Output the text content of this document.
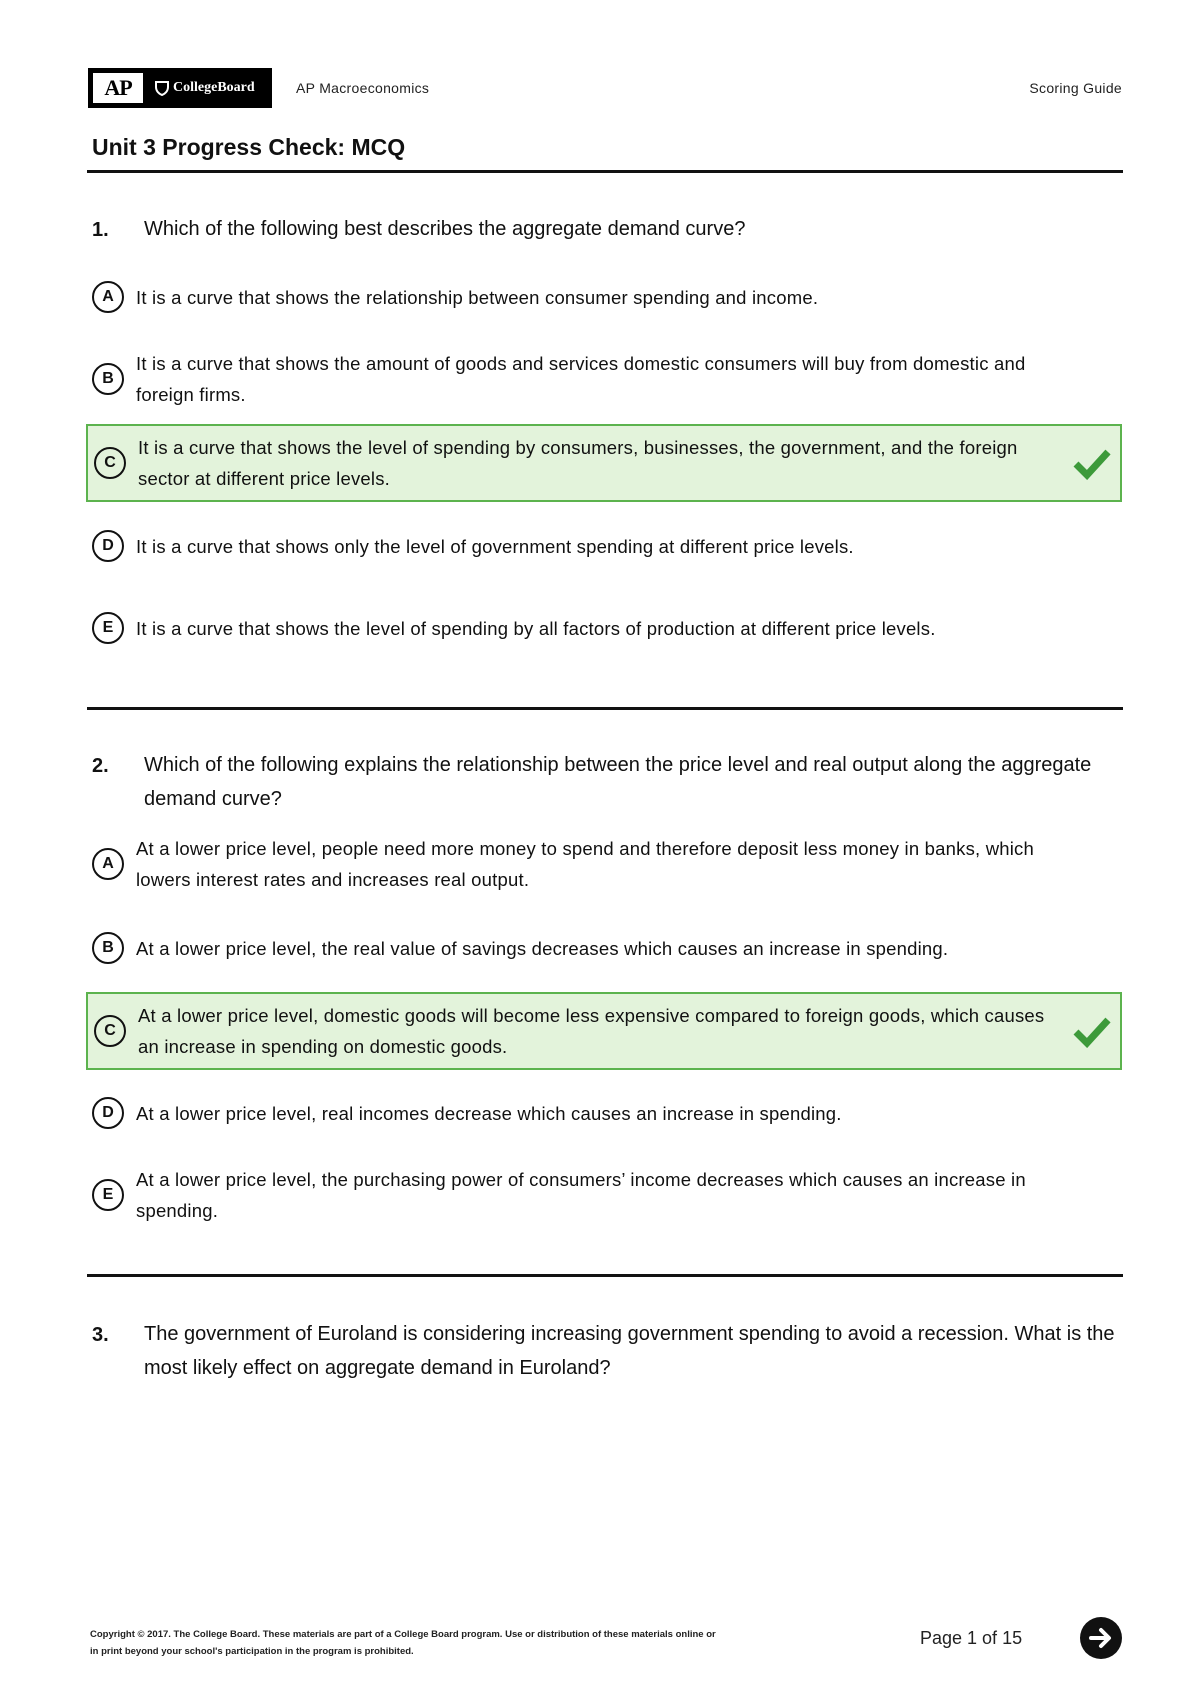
AP	CollegeBoard	AP Macroeconomics	Scoring Guide
Unit 3 Progress Check: MCQ
1. Which of the following best describes the aggregate demand curve?
A	It is a curve that shows the relationship between consumer spending and income.
B
It is a curve that shows the amount of goods and services domestic consumers will buy from domestic and foreign firms.
C
It is a curve that shows the level of spending by consumers, businesses, the government, and the foreign sector at different price levels.
D	It is a curve that shows only the level of government spending at different price levels.
E	It is a curve that shows the level of spending by all factors of production at different price levels.
2. Which of the following explains the relationship between the price level and real output along the aggregate demand curve?
A
At a lower price level, people need more money to spend and therefore deposit less money in banks, which lowers interest rates and increases real output.
B	At a lower price level, the real value of savings decreases which causes an increase in spending.
C
At a lower price level, domestic goods will become less expensive compared to foreign goods, which causes an increase in spending on domestic goods.
D	At a lower price level, real incomes decrease which causes an increase in spending.
E
At a lower price level, the purchasing power of consumers’ income decreases which causes an increase in spending.
3. The government of Euroland is considering increasing government spending to avoid a recession. What is the most likely effect on aggregate demand in Euroland?
Copyright © 2017. The College Board. These materials are part of a College Board program. Use or distribution of these materials online or
in print beyond your school's participation in the program is prohibited.
Page 1 of 15
